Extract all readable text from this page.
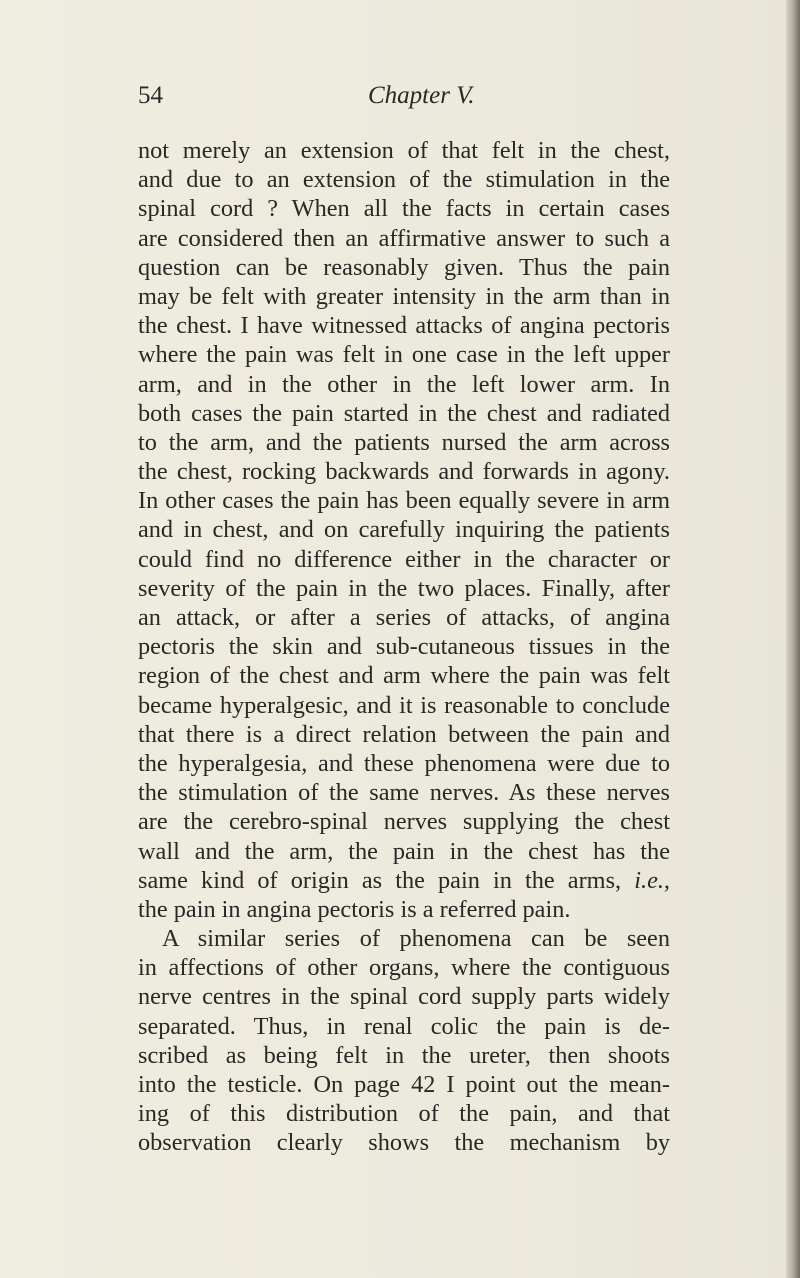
54	Chapter V.
not merely an extension of that felt in the chest,
and due to an extension of the stimulation in the
spinal cord ? When all the facts in certain cases
are considered then an affirmative answer to such a
question can be reasonably given. Thus the pain
may be felt with greater intensity in the arm than in
the chest. I have witnessed attacks of angina pectoris
where the pain was felt in one case in the left upper
arm, and in the other in the left lower arm. In
both cases the pain started in the chest and radiated
to the arm, and the patients nursed the arm across
the chest, rocking backwards and forwards in agony.
In other cases the pain has been equally severe in arm
and in chest, and on carefully inquiring the patients
could find no difference either in the character or
severity of the pain in the two places. Finally, after
an attack, or after a series of attacks, of angina
pectoris the skin and sub-cutaneous tissues in the
region of the chest and arm where the pain was felt
became hyperalgesic, and it is reasonable to conclude
that there is a direct relation between the pain and
the hyperalgesia, and these phenomena were due to
the stimulation of the same nerves. As these nerves
are the cerebro-spinal nerves supplying the chest
wall and the arm, the pain in the chest has the
same kind of origin as the pain in the arms, i.e.,
the pain in angina pectoris is a referred pain.
A similar series of phenomena can be seen
in affections of other organs, where the contiguous
nerve centres in the spinal cord supply parts widely
separated. Thus, in renal colic the pain is de-
scribed as being felt in the ureter, then shoots
into the testicle. On page 42 I point out the mean-
ing of this distribution of the pain, and that
observation clearly shows the mechanism by
